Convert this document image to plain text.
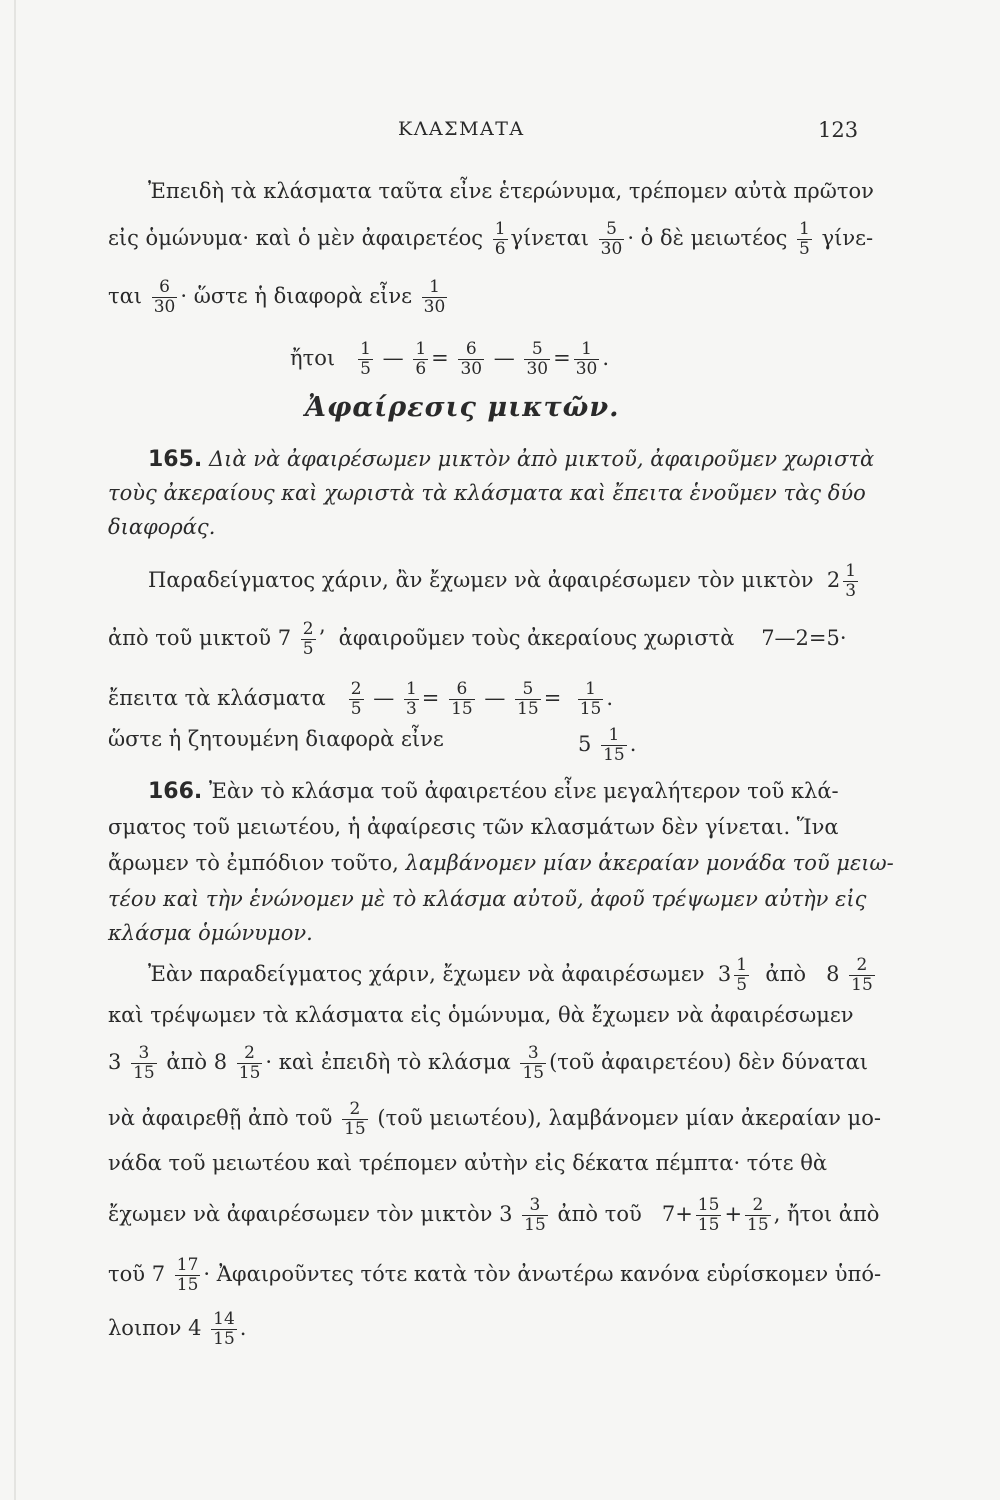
ΚΛΑΣΜΑΤΑ	123
Ἐπειδὴ τὰ κλάσματα ταῦτα εἶνε ἑτερώνυμα, τρέπομεν αὐτὰ πρῶτον
εἰς ὁμώνυμα· καὶ ὁ μὲν ἀφαιρετέος $\frac{1}{6}$ γίνεται $\frac{5}{30}$ · ὁ δὲ μειωτέος $\frac{1}{5} \gamma ί\nu\varepsilon-$
ται $\frac{6}{30}$ · ὥστε ἡ διαφορὰ εἶνε $\frac{1}{30}$
ἤτοι $\frac{1}{5}$ — $\frac{1}{6} = \frac{6}{30}$ — $\frac{5}{30} = \frac{1}{30}$ .
Ἀφαίρεσις μικτῶν.
165. Διὰ νὰ ἀφαιρέσωμεν μικτὸν ἀπὸ μικτοῦ, ἀφαιροῦμεν χωριστὰ
τοὺς ἀκεραίους καὶ χωριστὰ τὰ κλάσματα καὶ ἔπειτα ἑνοῦμεν τὰς δύο
διαφοράς.
Παραδείγματος χάριν, ἂν ἔχωμεν νὰ ἀφαιρέσωμεν τὸν μικτὸν $2 \frac{1}{3}$
ἀπὸ τοῦ μικτοῦ $7 \frac{2}{5}$ ’ ἀφαιροῦμεν τοὺς ἀκεραίους χωριστὰ 7—2=5·
ἔπειτα τὰ κλάσματα $\frac{2}{5}$ — $\frac{1}{3} = \frac{6}{15}$ — $\frac{5}{15} = \frac{1}{15}$ .
ὥστε ἡ ζητουμένη διαφορὰ εἶνε	$5 \frac{1}{15}$ .
166. Ἐὰν τὸ κλάσμα τοῦ ἀφαιρετέου εἶνε μεγαλήτερον τοῦ κλά-
σματος τοῦ μειωτέου, ἡ ἀφαίρεσις τῶν κλασμάτων δὲν γίνεται. Ἵνα
ἄρωμεν τὸ ἐμπόδιον τοῦτο, λαμβάνομεν μίαν ἀκεραίαν μονάδα τοῦ μειω-
τέου καὶ τὴν ἑνώνομεν μὲ τὸ κλάσμα αὐτοῦ, ἀφοῦ τρέψωμεν αὐτὴν εἰς
κλάσμα ὁμώνυμον.
Ἐὰν παραδείγματος χάριν, ἔχωμεν νὰ ἀφαιρέσωμεν $3 \frac{1}{5}$ ἀπὸ $8 \frac{2}{15}$
καὶ τρέψωμεν τὰ κλάσματα εἰς ὁμώνυμα, θὰ ἔχωμεν νὰ ἀφαιρέσωμεν
$3 \frac{3}{15}$ ἀπὸ $8 \frac{2}{15}$ · καὶ ἐπειδὴ τὸ κλάσμα $\frac{3}{15}$ (τοῦ ἀφαιρετέου) δὲν δύναται
νὰ ἀφαιρεθῇ ἀπὸ τοῦ $\frac{2}{15}$ (τοῦ μειωτέου), λαμβάνομεν μίαν ἀκεραίαν μο-
νάδα τοῦ μειωτέου καὶ τρέπομεν αὐτὴν εἰς δέκατα πέμπτα· τότε θὰ
ἔχωμεν νὰ ἀφαιρέσωμεν τὸν μικτὸν $3 \frac{3}{15}$ ἀπὸ τοῦ $7+ \frac{15}{15} + \frac{2}{15}$ , ἤτοι ἀπὸ
τοῦ $7 \frac{17}{15}$ · Ἀφαιροῦντες τότε κατὰ τὸν ἀνωτέρω κανόνα εὑρίσκομεν ὑπό-
λοιπον $4 \frac{14}{15}$ .
